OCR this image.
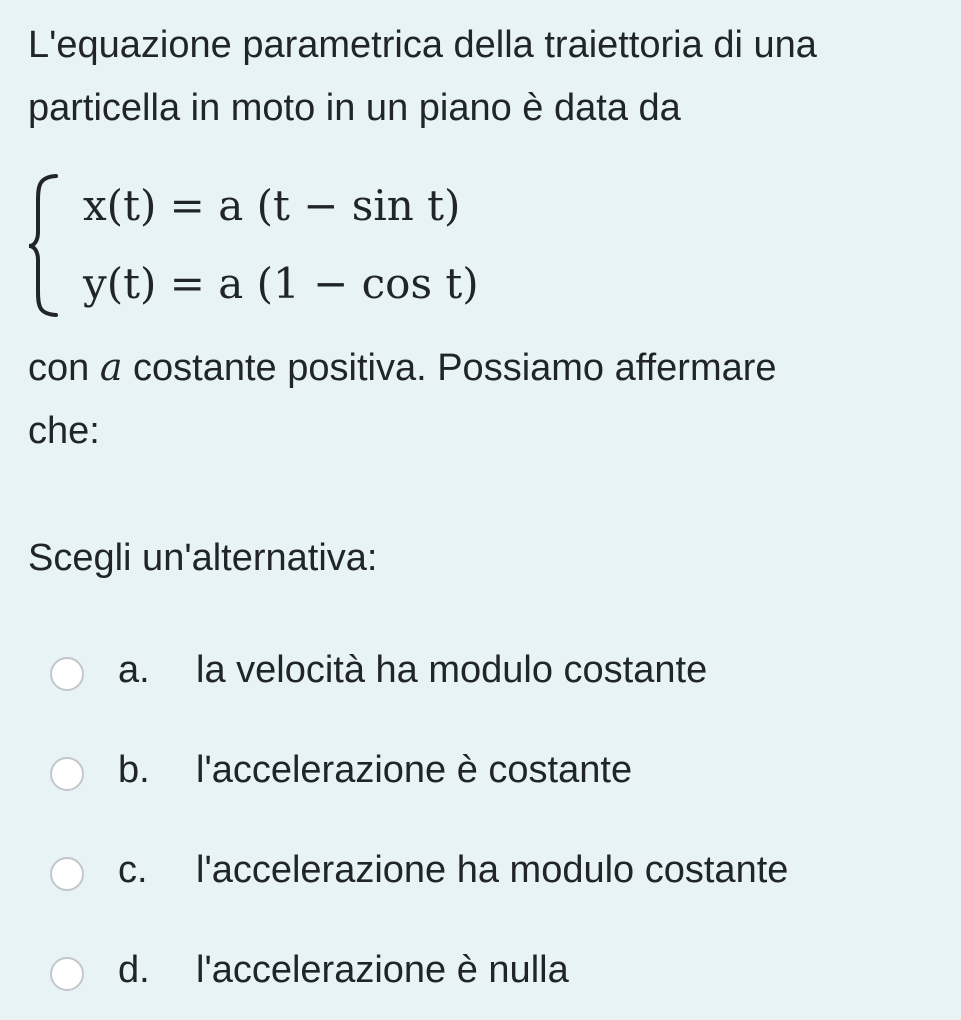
L'equazione parametrica della traiettoria di una

particella in moto in un piano è data da

x(t) = a (t − sin t)
y(t) = a (1 − cos t)
con a costante positiva. Possiamo affermare
che:
Scegli un'alternativa:
a.	la velocità ha modulo costante
b.	l'accelerazione è costante
c.	l'accelerazione ha modulo costante
d.	l'accelerazione è nulla
